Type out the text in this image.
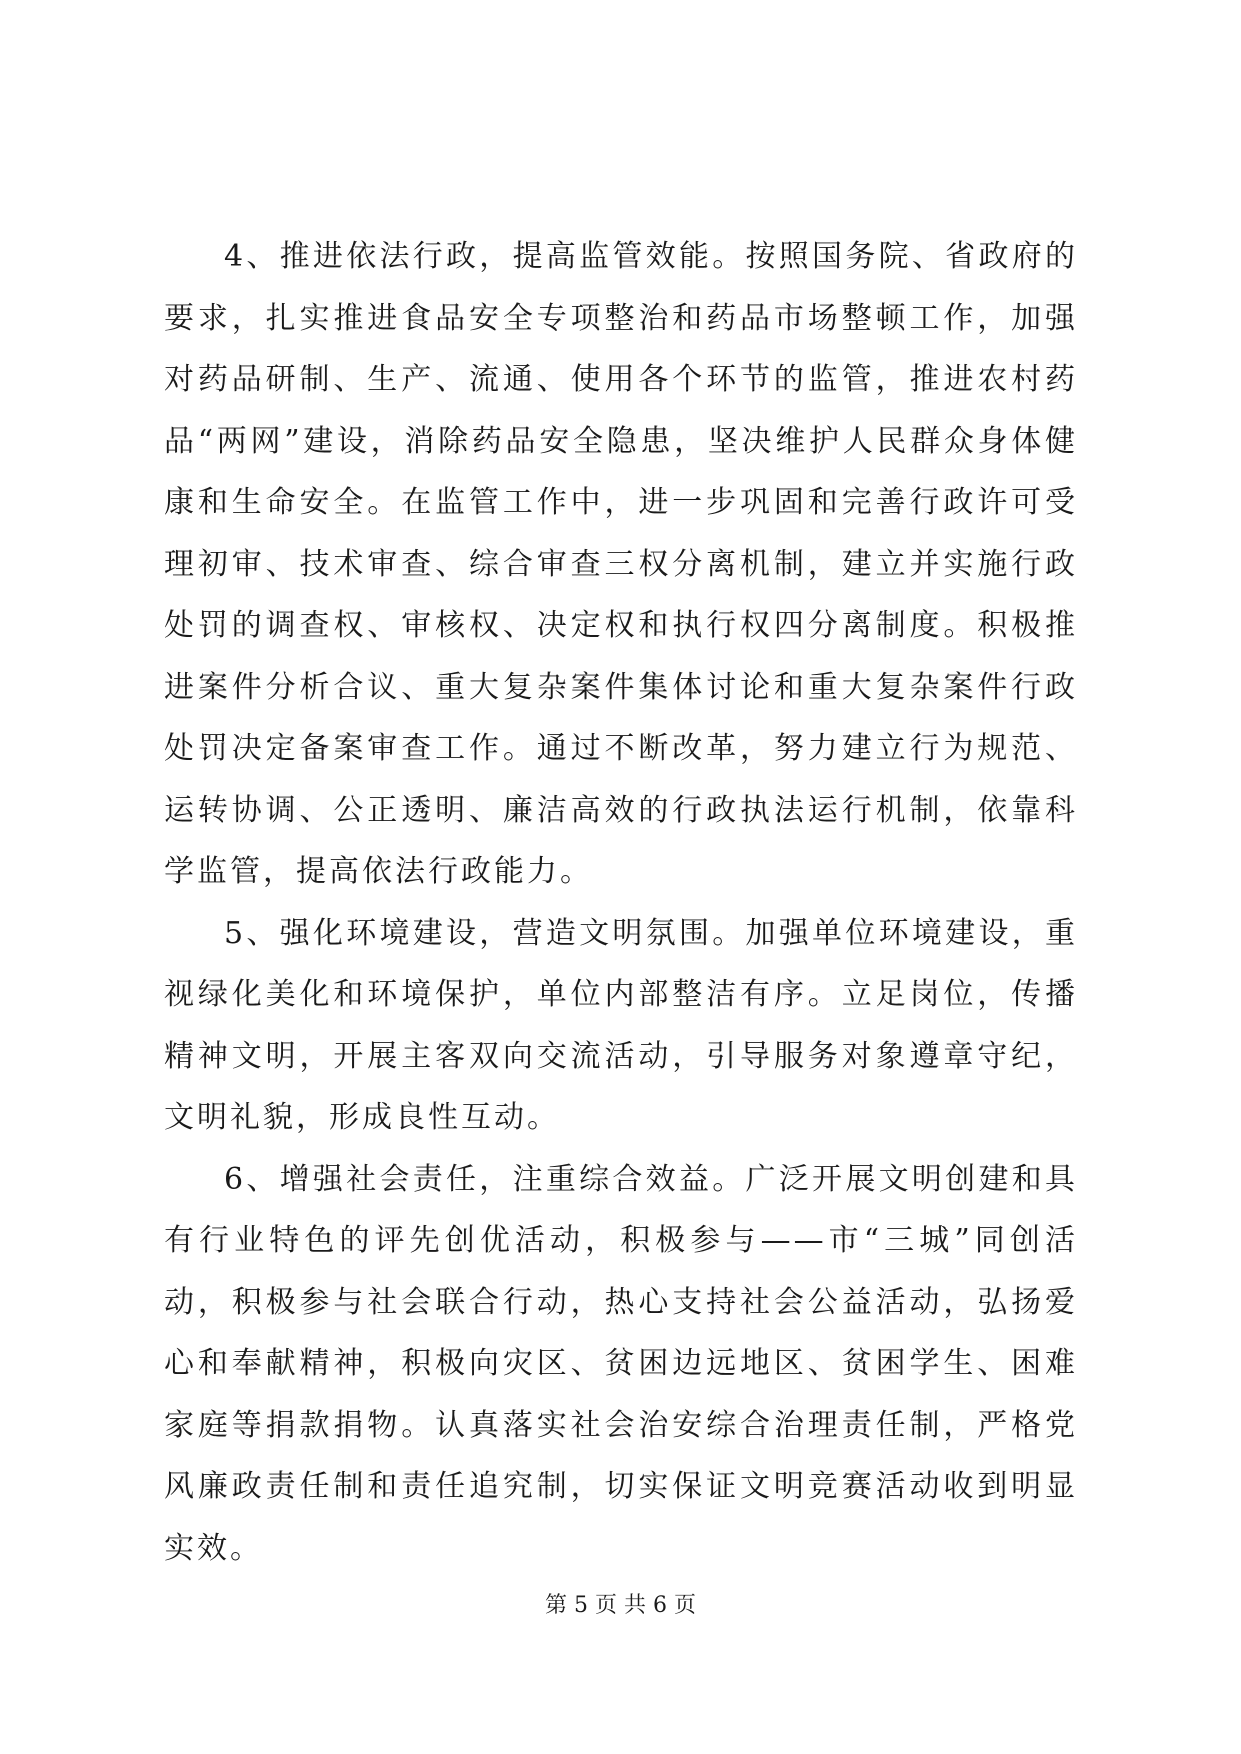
4、推进依法行政，提高监管效能。按照国务院、省政府的要求，扎实推进食品安全专项整治和药品市场整顿工作，加强对药品研制、生产、流通、使用各个环节的监管，推进农村药品“两网”建设，消除药品安全隐患，坚决维护人民群众身体健康和生命安全。在监管工作中，进一步巩固和完善行政许可受理初审、技术审查、综合审查三权分离机制，建立并实施行政处罚的调查权、审核权、决定权和执行权四分离制度。积极推进案件分析合议、重大复杂案件集体讨论和重大复杂案件行政处罚决定备案审查工作。通过不断改革，努力建立行为规范、运转协调、公正透明、廉洁高效的行政执法运行机制，依靠科学监管，提高依法行政能力。

5、强化环境建设，营造文明氛围。加强单位环境建设，重视绿化美化和环境保护，单位内部整洁有序。立足岗位，传播精神文明，开展主客双向交流活动，引导服务对象遵章守纪，文明礼貌，形成良性互动。

6、增强社会责任，注重综合效益。广泛开展文明创建和具有行业特色的评先创优活动，积极参与——市“三城”同创活动，积极参与社会联合行动，热心支持社会公益活动，弘扬爱心和奉献精神，积极向灾区、贫困边远地区、贫困学生、困难家庭等捐款捐物。认真落实社会治安综合治理责任制，严格党风廉政责任制和责任追究制，切实保证文明竞赛活动收到明显实效。

第 5 页 共 6 页
